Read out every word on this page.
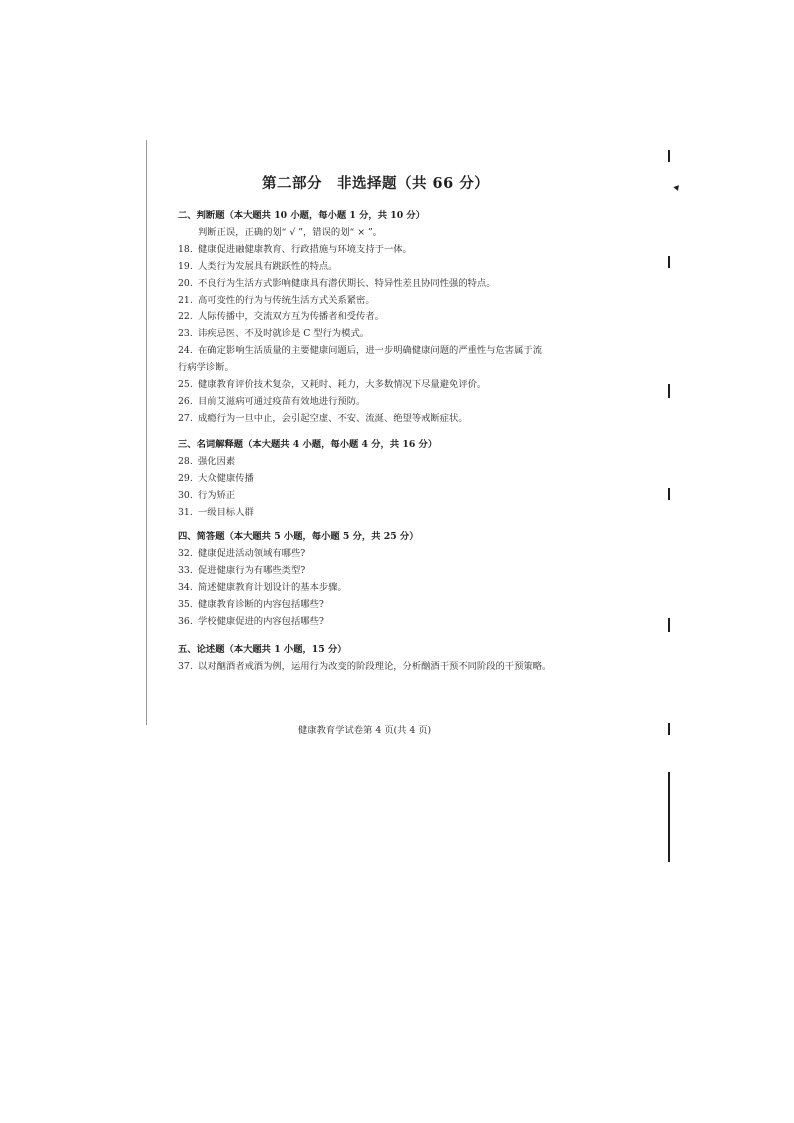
第二部分　非选择题（共 66 分）
二、判断题（本大题共 10 小题，每小题 1 分，共 10 分）
判断正误，正确的划“ √ ”，错误的划“ × ”。
18. 健康促进融健康教育、行政措施与环境支持于一体。
19. 人类行为发展具有跳跃性的特点。
20. 不良行为生活方式影响健康具有潜伏期长、特异性差且协同性强的特点。
21. 高可变性的行为与传统生活方式关系紧密。
22. 人际传播中，交流双方互为传播者和受传者。
23. 讳疾忌医、不及时就诊是 C 型行为模式。
24. 在确定影响生活质量的主要健康问题后，进一步明确健康问题的严重性与危害属于流
行病学诊断。
25. 健康教育评价技术复杂，又耗时、耗力，大多数情况下尽量避免评价。
26. 目前艾滋病可通过疫苗有效地进行预防。
27. 成瘾行为一旦中止，会引起空虚、不安、流涎、绝望等戒断症状。
三、名词解释题（本大题共 4 小题，每小题 4 分，共 16 分）
28. 强化因素
29. 大众健康传播
30. 行为矫正
31. 一级目标人群
四、简答题（本大题共 5 小题，每小题 5 分，共 25 分）
32. 健康促进活动领域有哪些?
33. 促进健康行为有哪些类型?
34. 简述健康教育计划设计的基本步骤。
35. 健康教育诊断的内容包括哪些?
36. 学校健康促进的内容包括哪些?
五、论述题（本大题共 1 小题，15 分）
37. 以对酗酒者戒酒为例，运用行为改变的阶段理论，分析酗酒干预不同阶段的干预策略。
健康教育学试卷第 4 页(共 4 页)
